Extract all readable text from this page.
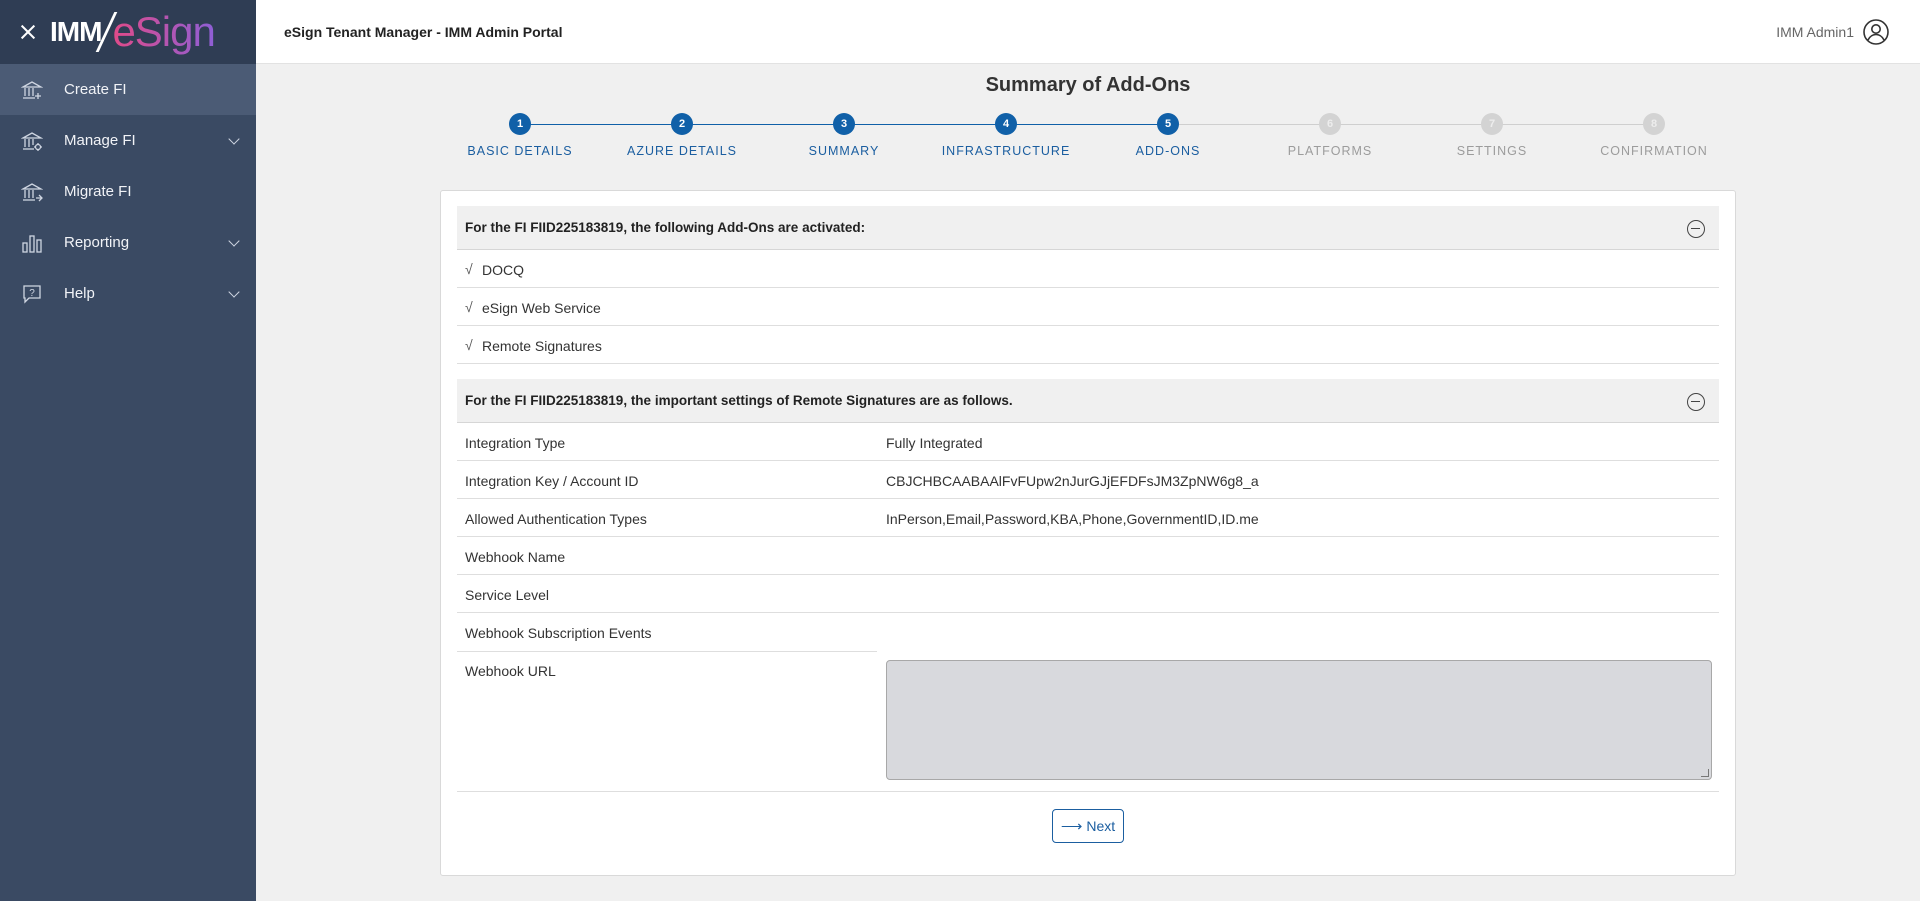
IMM eSign
Create FI
Manage FI
Migrate FI
Reporting
? Help
eSign Tenant Manager - IMM Admin Portal	IMM Admin1
Summary of Add-Ons
1
BASIC DETAILS
2
AZURE DETAILS
3
SUMMARY
4
INFRASTRUCTURE
5
ADD-ONS
6
PLATFORMS
7
SETTINGS
8
CONFIRMATION
For the FI FIID225183819, the following Add-Ons are activated:
√ DOCQ
√ eSign Web Service
√ Remote Signatures
For the FI FIID225183819, the important settings of Remote Signatures are as follows.
Integration Type	Fully Integrated
Integration Key / Account ID	CBJCHBCAABAAlFvFUpw2nJurGJjEFDFsJM3ZpNW6g8_a
Allowed Authentication Types	InPerson,Email,Password,KBA,Phone,GovernmentID,ID.me
Webhook Name
Service Level
Webhook Subscription Events
Webhook URL
⟶ Next
